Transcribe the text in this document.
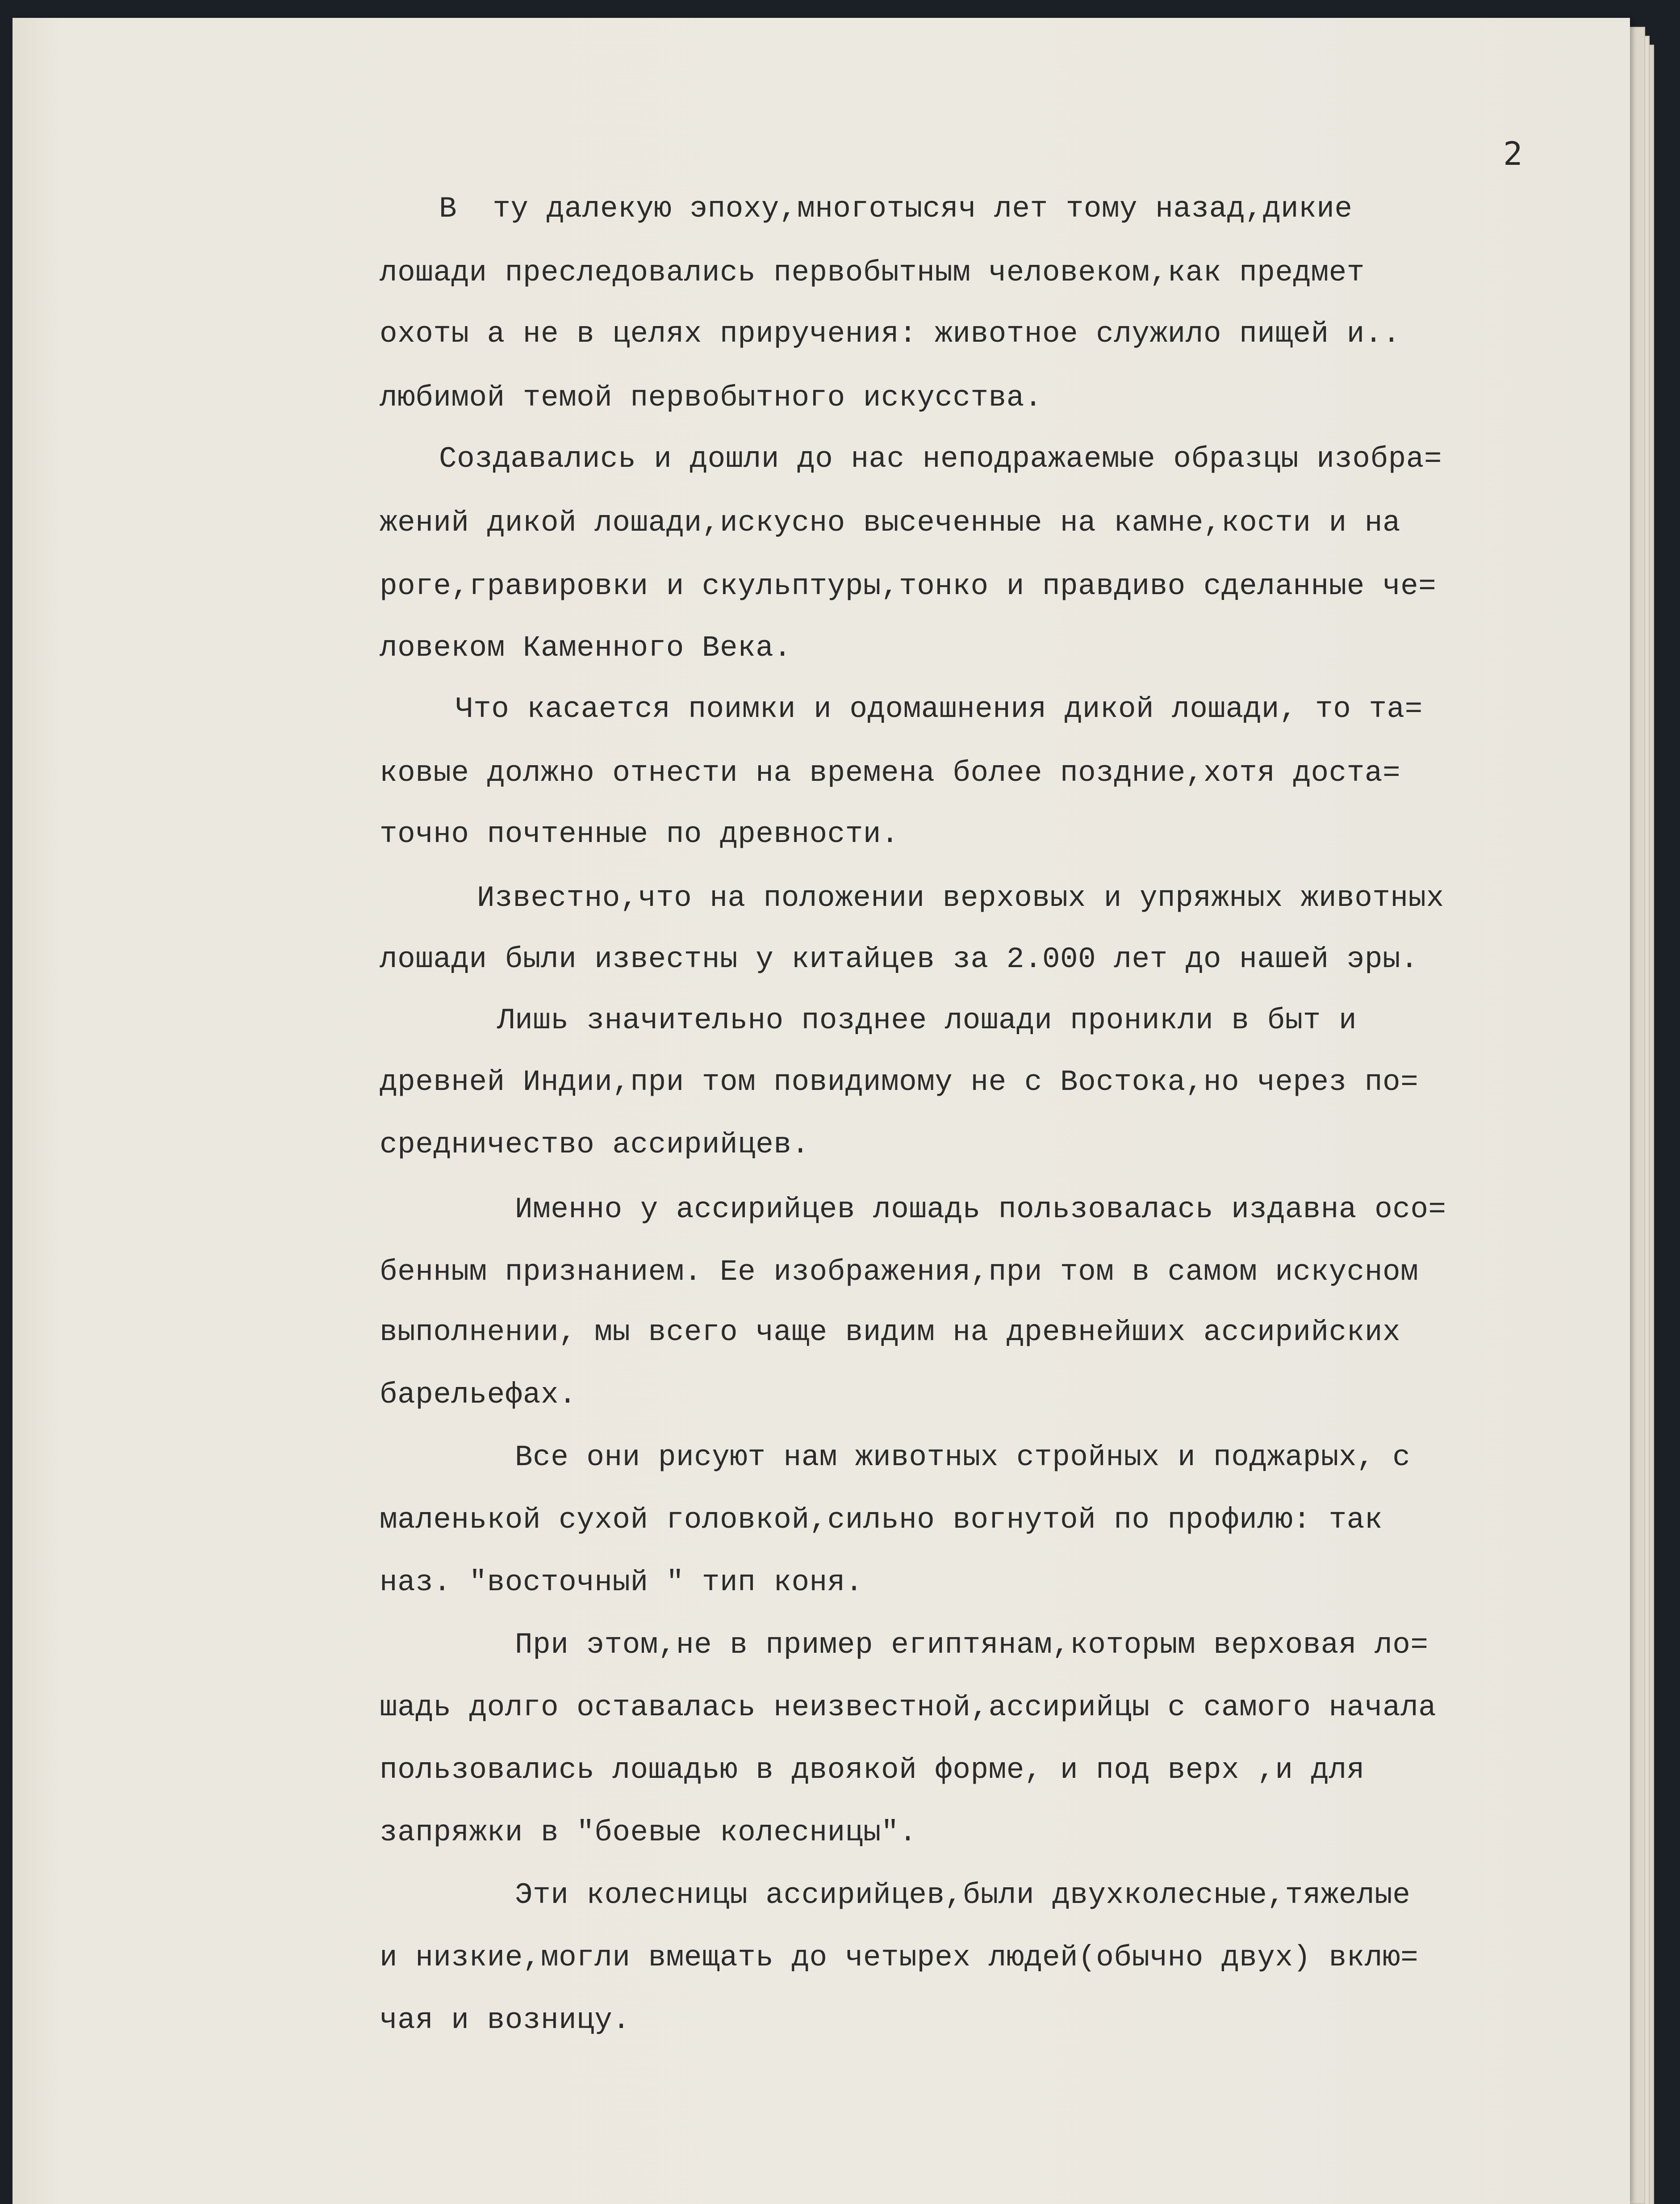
2
В  ту далекую эпоху,многотысяч лет тому назад,дикие
лошади преследовались первобытным человеком,как предмет
охоты а не в целях приручения: животное служило пищей и..
любимой темой первобытного искусства.
Создавались и дошли до нас неподражаемые образцы изобра=
жений дикой лошади,искусно высеченные на камне,кости и на
роге,гравировки и скульптуры,тонко и правдиво сделанные че=
ловеком Каменного Века.
Что касается поимки и одомашнения дикой лошади, то та=
ковые должно отнести на времена более поздние,хотя доста=
точно почтенные по древности.
Известно,что на положении верховых и упряжных животных
лошади были известны у китайцев за 2.000 лет до нашей эры.
Лишь значительно позднее лошади проникли в быт и
древней Индии,при том повидимому не с Востока,но через по=
средничество ассирийцев.
Именно у ассирийцев лошадь пользовалась издавна осо=
бенным признанием. Ее изображения,при том в самом искусном
выполнении, мы всего чаще видим на древнейших ассирийских
барельефах.
Все они рисуют нам животных стройных и поджарых, с
маленькой сухой головкой,сильно вогнутой по профилю: так
наз. "восточный " тип коня.
При этом,не в пример египтянам,которым верховая ло=
шадь долго оставалась неизвестной,ассирийцы с самого начала
пользовались лошадью в двоякой форме, и под верх ,и для
запряжки в "боевые колесницы".
Эти колесницы ассирийцев,были двухколесные,тяжелые
и низкие,могли вмещать до четырех людей(обычно двух) вклю=
чая и возницу.
